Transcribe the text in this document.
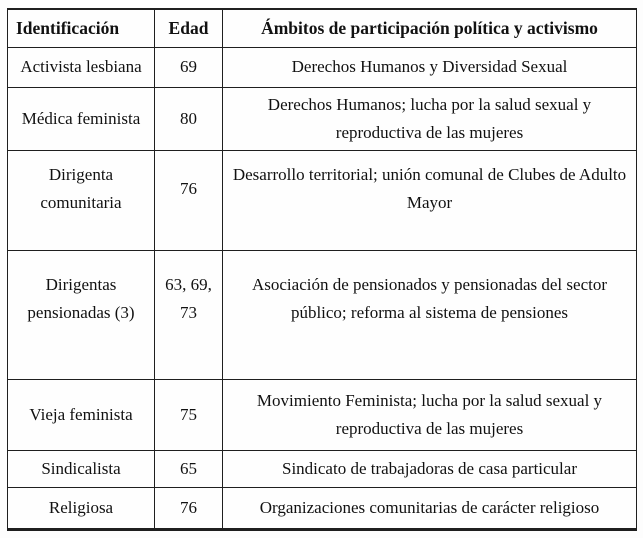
Identificación	Edad	Ámbitos de participación política y activismo
Activista lesbiana	69	Derechos Humanos y Diversidad Sexual
Médica feminista	80	Derechos Humanos; lucha por la salud sexual y reproductiva de las mujeres
Dirigenta comunitaria	76	Desarrollo territorial; unión comunal de Clubes de Adulto Mayor
Dirigentas pensionadas (3)	63, 69, 73	Asociación de pensionados y pensionadas del sector público; reforma al sistema de pensiones
Vieja feminista	75	Movimiento Feminista; lucha por la salud sexual y reproductiva de las mujeres
Sindicalista	65	Sindicato de trabajadoras de casa particular
Religiosa	76	Organizaciones comunitarias de carácter religioso
